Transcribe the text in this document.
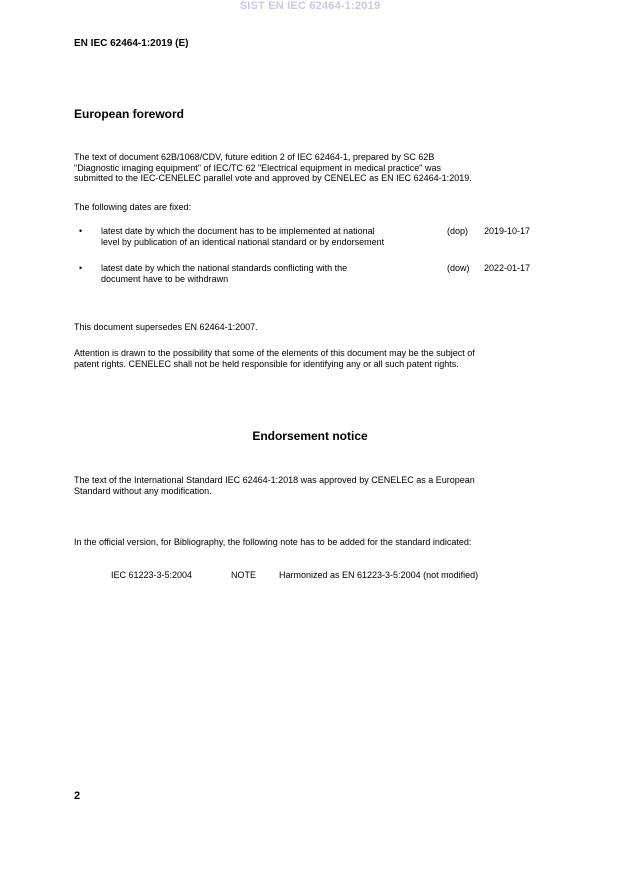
SIST EN IEC 62464-1:2019
EN IEC 62464-1:2019 (E)
European foreword
The text of document 62B/1068/CDV, future edition 2 of IEC 62464-1, prepared by SC 62B
"Diagnostic imaging equipment" of IEC/TC 62 "Electrical equipment in medical practice" was
submitted to the IEC-CENELEC parallel vote and approved by CENELEC as EN IEC 62464-1:2019.
The following dates are fixed:
• latest date by which the document has to be implemented at national
level by publication of an identical national standard or by endorsement
(dop) 2019-10-17
• latest date by which the national standards conflicting with the
document have to be withdrawn
(dow) 2022-01-17
This document supersedes EN 62464-1:2007.
Attention is drawn to the possibility that some of the elements of this document may be the subject of
patent rights. CENELEC shall not be held responsible for identifying any or all such patent rights.
Endorsement notice
The text of the International Standard IEC 62464-1:2018 was approved by CENELEC as a European
Standard without any modification.
In the official version, for Bibliography, the following note has to be added for the standard indicated:
IEC 61223-3-5:2004	NOTE	Harmonized as EN 61223-3-5:2004 (not modified)
2
